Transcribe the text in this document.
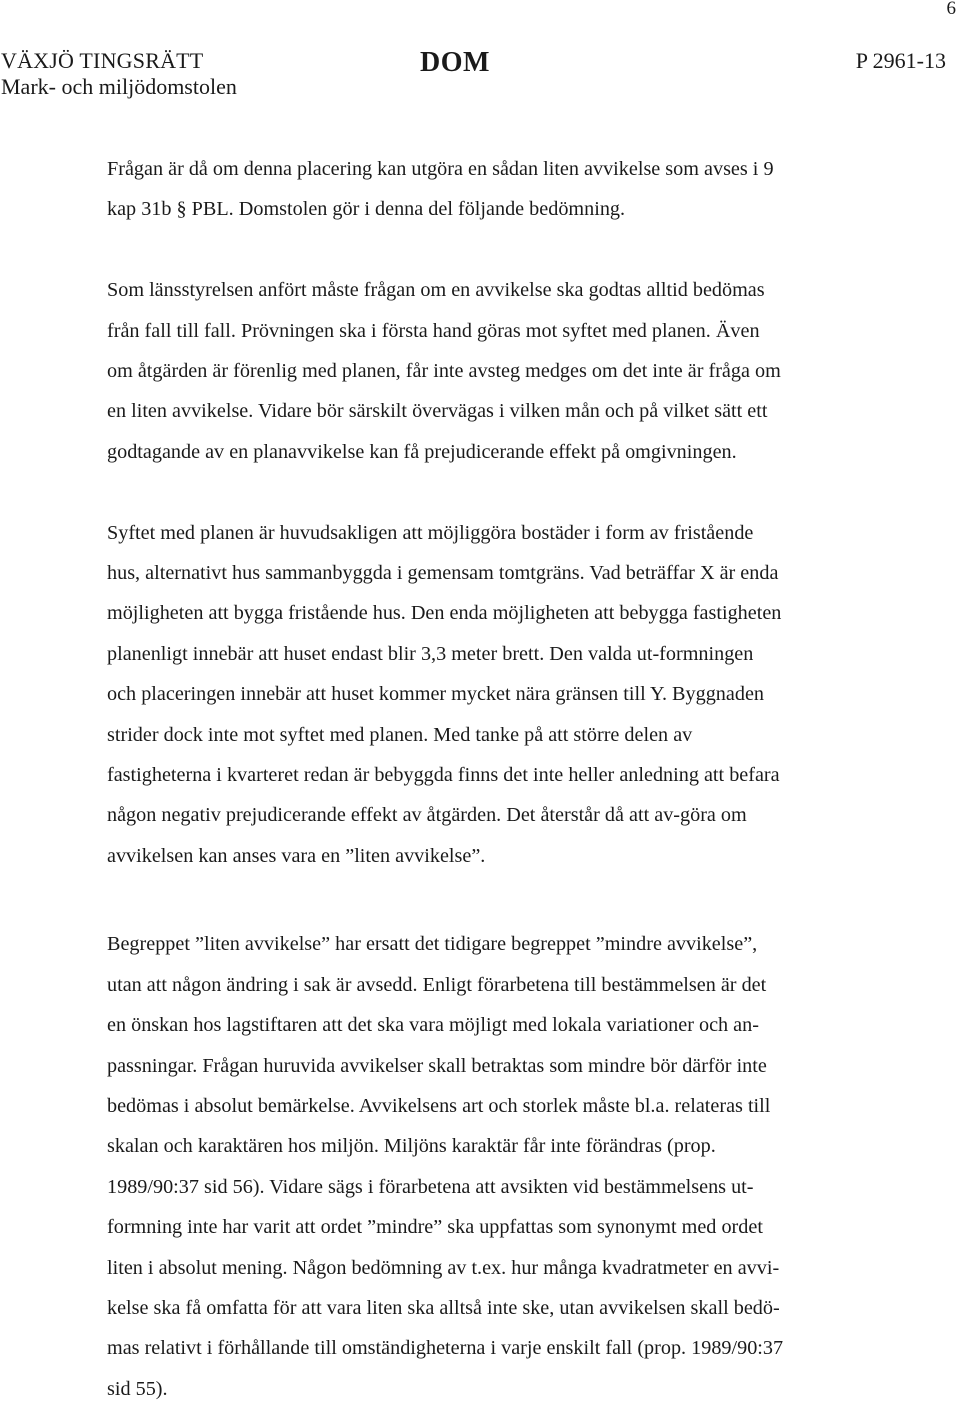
6
VÄXJÖ TINGSRÄTT
Mark- och miljödomstolen
DOM	P 2961-13

Frågan är då om denna placering kan utgöra en sådan liten avvikelse som avses i 9
kap 31b § PBL. Domstolen gör i denna del följande bedömning.

Som länsstyrelsen anfört måste frågan om en avvikelse ska godtas alltid bedömas
från fall till fall. Prövningen ska i första hand göras mot syftet med planen. Även
om åtgärden är förenlig med planen, får inte avsteg medges om det inte är fråga om
en liten avvikelse. Vidare bör särskilt övervägas i vilken mån och på vilket sätt ett
godtagande av en planavvikelse kan få prejudicerande effekt på omgivningen.

Syftet med planen är huvudsakligen att möjliggöra bostäder i form av fristående
hus, alternativt hus sammanbyggda i gemensam tomtgräns. Vad beträffar X är enda
möjligheten att bygga fristående hus. Den enda möjligheten att bebygga fastigheten
planenligt innebär att huset endast blir 3,3 meter brett. Den valda ut-formningen
och placeringen innebär att huset kommer mycket nära gränsen till Y. Byggnaden
strider dock inte mot syftet med planen. Med tanke på att större delen av
fastigheterna i kvarteret redan är bebyggda finns det inte heller anledning att befara
någon negativ prejudicerande effekt av åtgärden. Det återstår då att av-göra om
avvikelsen kan anses vara en ”liten avvikelse”.

Begreppet ”liten avvikelse” har ersatt det tidigare begreppet ”mindre avvikelse”,
utan att någon ändring i sak är avsedd. Enligt förarbetena till bestämmelsen är det
en önskan hos lagstiftaren att det ska vara möjligt med lokala variationer och an-
passningar. Frågan huruvida avvikelser skall betraktas som mindre bör därför inte
bedömas i absolut bemärkelse. Avvikelsens art och storlek måste bl.a. relateras till
skalan och karaktären hos miljön. Miljöns karaktär får inte förändras (prop.
1989/90:37 sid 56). Vidare sägs i förarbetena att avsikten vid bestämmelsens ut-
formning inte har varit att ordet ”mindre” ska uppfattas som synonymt med ordet
liten i absolut mening. Någon bedömning av t.ex. hur många kvadratmeter en avvi-
kelse ska få omfatta för att vara liten ska alltså inte ske, utan avvikelsen skall bedö-
mas relativt i förhållande till omständigheterna i varje enskilt fall (prop. 1989/90:37
sid 55).
